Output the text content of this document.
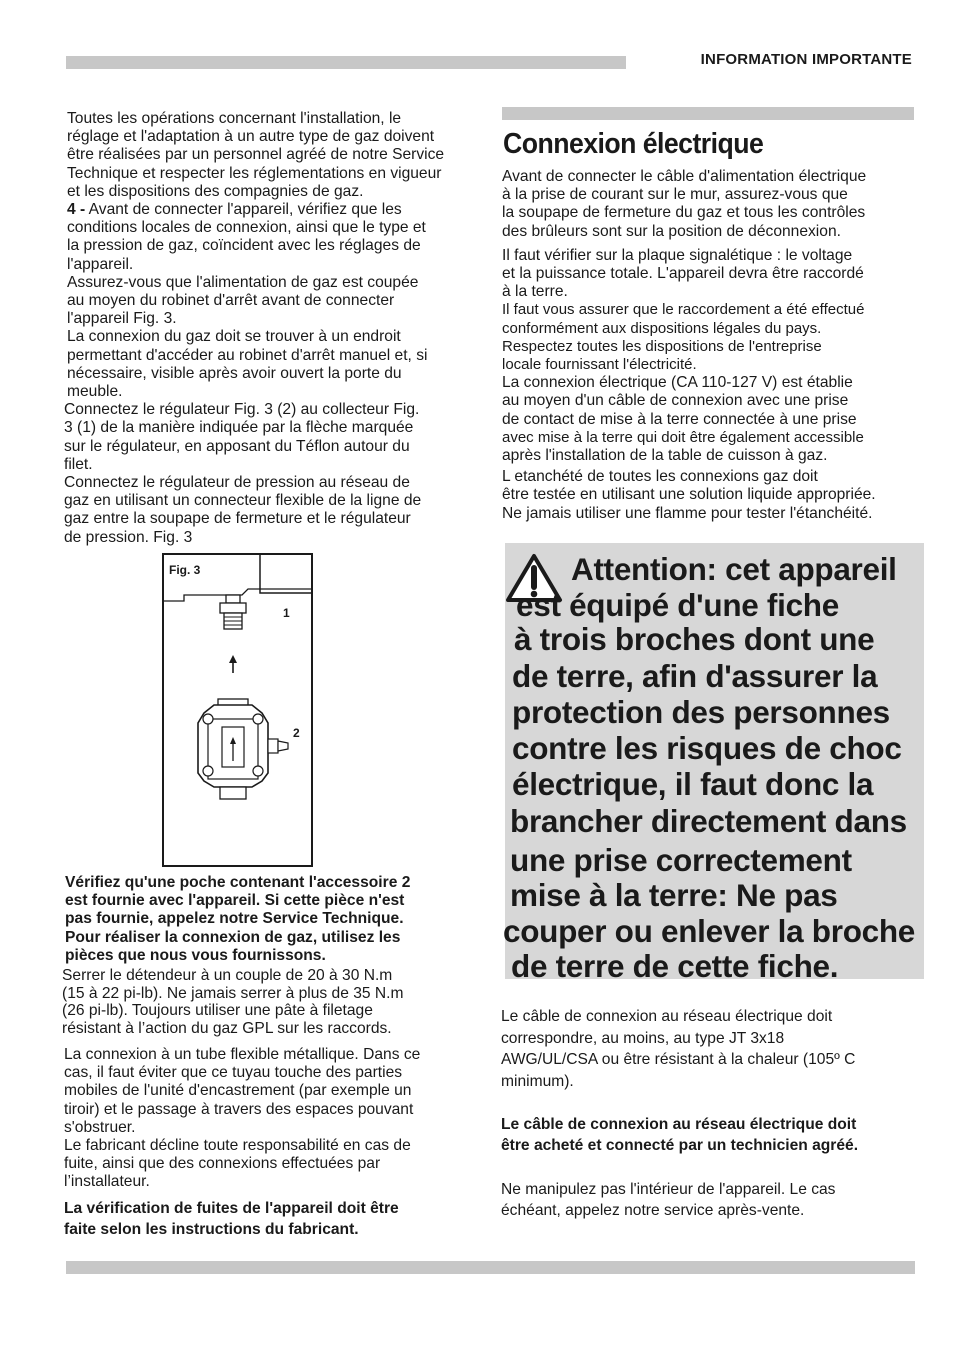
INFORMATION IMPORTANTE

Toutes les opérations concernant l'installation, le
réglage et l'adaptation à un autre type de gaz doivent
être réalisées par un personnel agréé de notre Service
Technique et respecter les réglementations en vigueur
et les dispositions des compagnies de gaz.

4 - Avant de connecter l'appareil, vérifiez que les
conditions locales de connexion, ainsi que le type et
la pression de gaz, coïncident avec les réglages de
l'appareil.

Assurez-vous que l'alimentation de gaz est coupée
au moyen du robinet d'arrêt avant de connecter
l'appareil Fig. 3.

La connexion du gaz doit se trouver à un endroit
permettant d'accéder au robinet d'arrêt manuel et, si
nécessaire, visible après avoir ouvert la porte du
meuble.

Connectez le régulateur Fig. 3 (2) au collecteur Fig.
3 (1) de la manière indiquée par la flèche marquée
sur le régulateur, en apposant du Téflon autour du
filet.

Connectez le régulateur de pression au réseau de
gaz en utilisant un connecteur flexible de la ligne de
gaz entre la soupape de fermeture et le régulateur
de pression. Fig. 3

Fig. 3
1
2

Vérifiez qu'une poche contenant l'accessoire 2
est fournie avec l'appareil. Si cette pièce n'est
pas fournie, appelez notre Service Technique.
Pour réaliser la connexion de gaz, utilisez les
pièces que nous vous fournissons.

Serrer le détendeur à un couple de 20 à 30 N.m
(15 à 22 pi-lb). Ne jamais serrer à plus de 35 N.m
(26 pi-lb). Toujours utiliser une pâte à filetage
résistant à l’action du gaz GPL sur les raccords.

La connexion à un tube flexible métallique. Dans ce
cas, il faut éviter que ce tuyau touche des parties
mobiles de l'unité d'encastrement (par exemple un
tiroir) et le passage à travers des espaces pouvant
s'obstruer.

Le fabricant décline toute responsabilité en cas de
fuite, ainsi que des connexions effectuées par
l’installateur.

La vérification de fuites de l'appareil doit être
faite selon les instructions du fabricant.

Connexion électrique

Avant de connecter le câble d'alimentation électrique
à la prise de courant sur le mur, assurez-vous que
la soupape de fermeture du gaz et tous les contrôles
des brûleurs sont sur la position de déconnexion.

Il faut vérifier sur la plaque signalétique : le voltage
et la puissance totale. L'appareil devra être raccordé
à la terre.

Il faut vous assurer que le raccordement a été effectué
conformément aux dispositions légales du pays.
Respectez toutes les dispositions de l'entreprise
locale fournissant l'électricité.

La connexion électrique (CA 110-127 V) est établie
au moyen d'un câble de connexion avec une prise
de contact de mise à la terre connectée à une prise
avec mise à la terre qui doit être également accessible
après l'installation de la table de cuisson à gaz.

L etanchété de toutes les connexions gaz doit
être testée en utilisant une solution liquide appropriée.
Ne jamais utiliser une flamme pour tester l'étanchéité.

Attention: cet appareil
est équipé d'une fiche
à trois broches dont une
de terre, afin d'assurer la
protection des personnes
contre les risques de choc
électrique, il faut donc la
brancher directement dans
une prise correctement
mise à la terre: Ne pas
couper ou enlever la broche
de terre de cette fiche.

Le câble de connexion au réseau électrique doit
correspondre, au moins, au type JT 3x18
AWG/UL/CSA ou être résistant à la chaleur (105º C
minimum).

Le câble de connexion au réseau électrique doit
être acheté et connecté par un technicien agréé.

Ne manipulez pas l'intérieur de l'appareil. Le cas
échéant, appelez notre service après-vente.
